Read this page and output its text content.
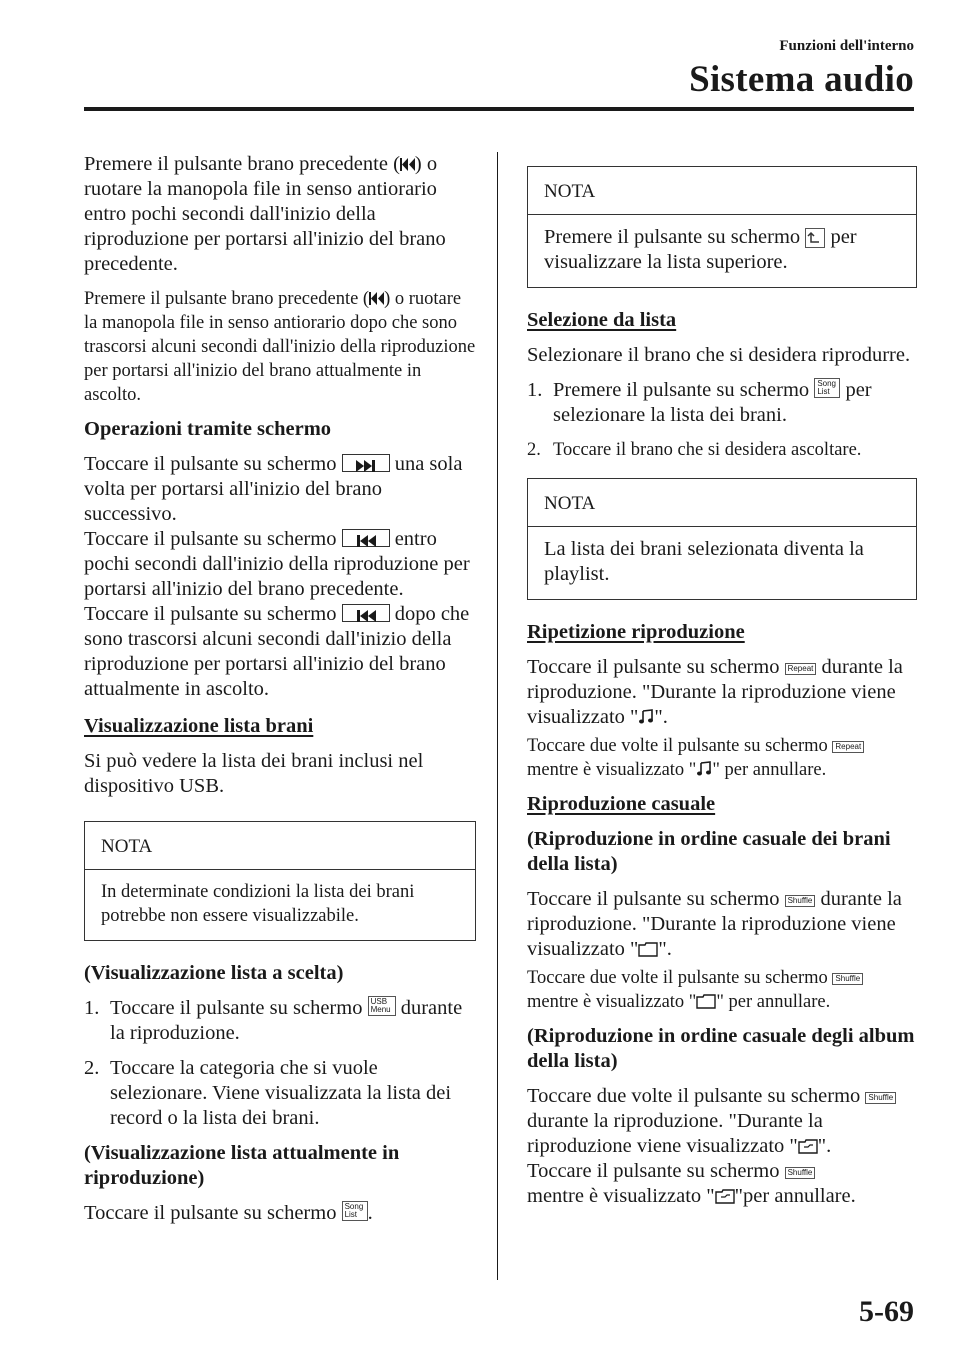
Funzioni dell'interno
Sistema audio

Premere il pulsante brano precedente ( ) o ruotare la manopola file in senso antiorario entro pochi secondi dall'inizio della riproduzione per portarsi all'inizio del brano precedente.

Premere il pulsante brano precedente ( ) o ruotare la manopola file in senso antiorario dopo che sono trascorsi alcuni secondi dall'inizio della riproduzione per portarsi all'inizio del brano attualmente in ascolto.

Operazioni tramite schermo

Toccare il pulsante su schermo	una sola volta per portarsi all'inizio del brano successivo.
Toccare il pulsante su schermo	entro pochi secondi dall'inizio della riproduzione per portarsi all'inizio del brano precedente.
Toccare il pulsante su schermo	dopo che sono trascorsi alcuni secondi dall'inizio della riproduzione per portarsi all'inizio del brano attualmente in ascolto.

Visualizzazione lista brani

Si può vedere la lista dei brani inclusi nel dispositivo USB.

NOTA
In determinate condizioni la lista dei brani potrebbe non essere visualizzabile.

(Visualizzazione lista a scelta)

1. Toccare il pulsante su schermo USB Menu durante la riproduzione.
2. Toccare la categoria che si vuole selezionare. Viene visualizzata la lista dei record o la lista dei brani.

(Visualizzazione lista attualmente in riproduzione)

Toccare il pulsante su schermo Song List .

NOTA
Premere il pulsante su schermo per visualizzare la lista superiore.

Selezione da lista

Selezionare il brano che si desidera riprodurre.

1. Premere il pulsante su schermo Song List per selezionare la lista dei brani.
2. Toccare il brano che si desidera ascoltare.
NOTA
La lista dei brani selezionata diventa la playlist.

Ripetizione riproduzione

Toccare il pulsante su schermo Repeat durante la riproduzione. "Durante la riproduzione viene visualizzato " ".

Toccare due volte il pulsante su schermo Repeat mentre è visualizzato " " per annullare.

Riproduzione casuale

(Riproduzione in ordine casuale dei brani della lista)

Toccare il pulsante su schermo Shuffle durante la riproduzione. "Durante la riproduzione viene visualizzato " ".

Toccare due volte il pulsante su schermo Shuffle mentre è visualizzato " " per annullare.

(Riproduzione in ordine casuale degli album della lista)

Toccare due volte il pulsante su schermo Shuffle durante la riproduzione. "Durante la riproduzione viene visualizzato " ".
Toccare il pulsante su schermo Shuffle
mentre è visualizzato " "per annullare.

5-69
